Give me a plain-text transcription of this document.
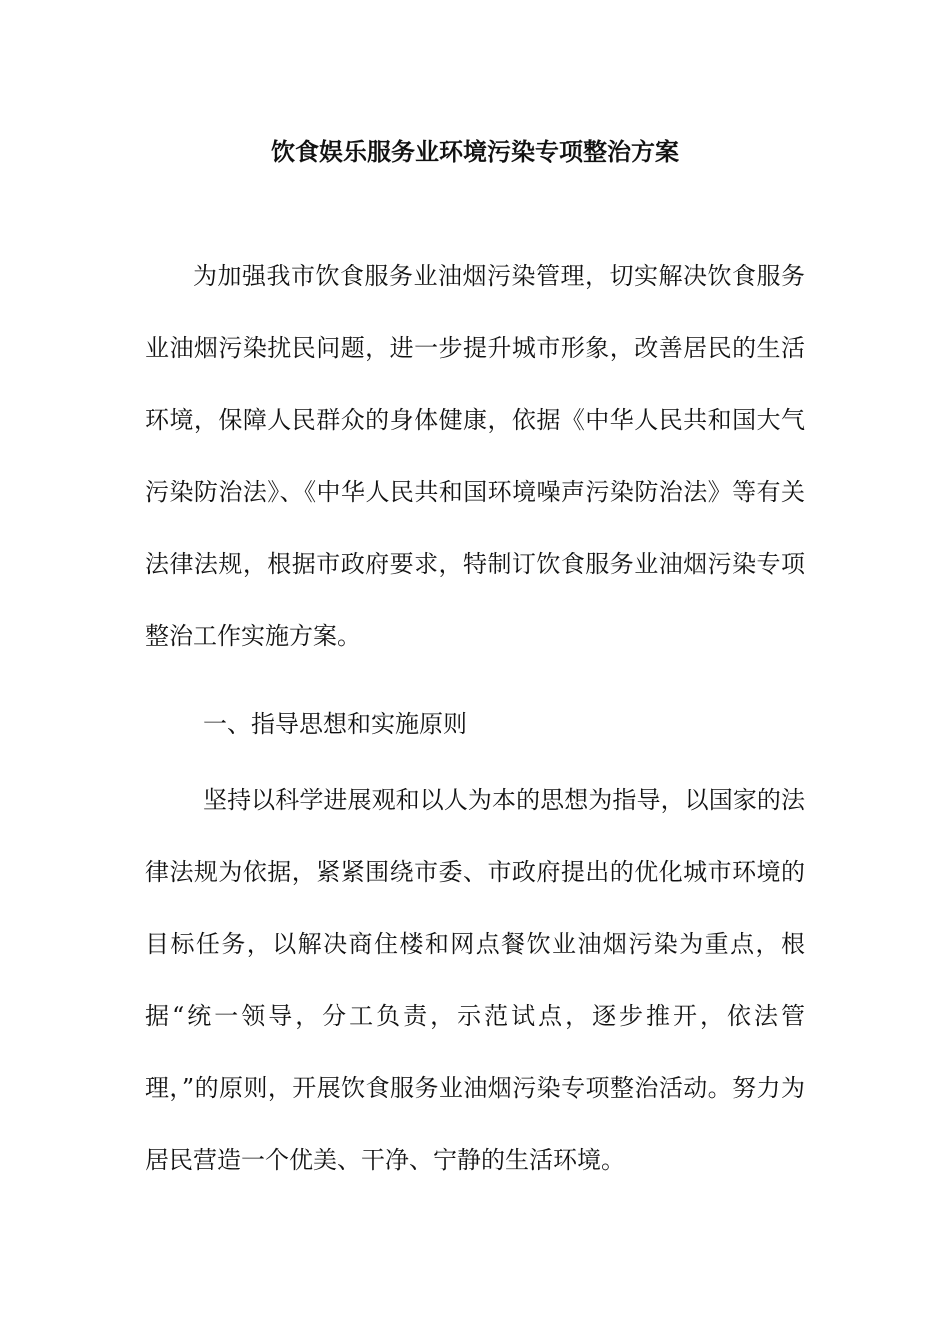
饮食娱乐服务业环境污染专项整治方案

为加强我市饮食服务业油烟污染管理，切实解决饮食服务业油烟污染扰民问题，进一步提升城市形象，改善居民的生活环境，保障人民群众的身体健康，依据《中华人民共和国大气污染防治法》、《中华人民共和国环境噪声污染防治法》等有关法律法规，根据市政府要求，特制订饮食服务业油烟污染专项整治工作实施方案。

一、指导思想和实施原则

坚持以科学进展观和以人为本的思想为指导，以国家的法律法规为依据，紧紧围绕市委、市政府提出的优化城市环境的目标任务，以解决商住楼和网点餐饮业油烟污染为重点，根据“统一领导，分工负责，示范试点，逐步推开，依法管理，”的原则，开展饮食服务业油烟污染专项整治活动。努力为居民营造一个优美、干净、宁静的生活环境。
